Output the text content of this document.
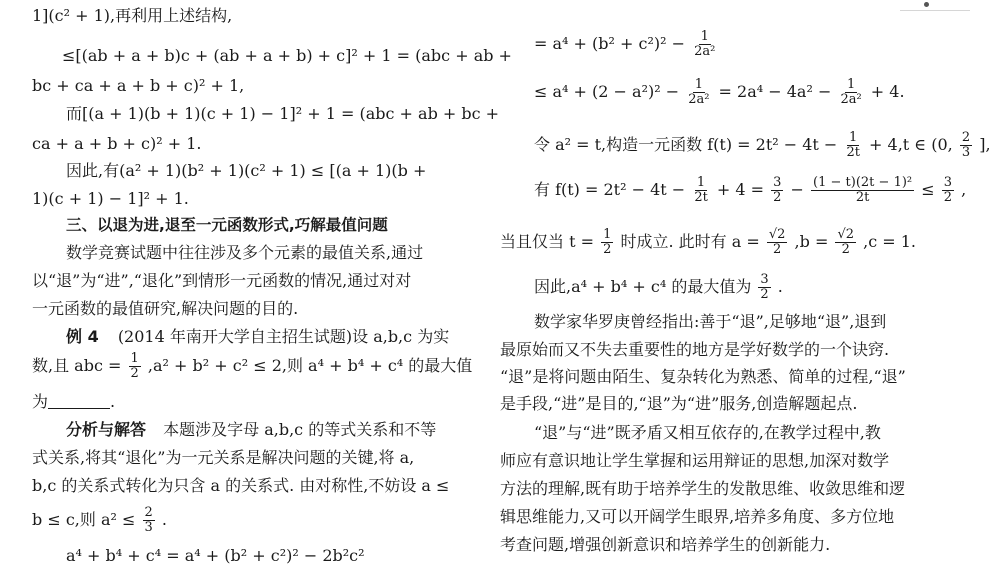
1](c² + 1),再利用上述结构,
≤[(ab + a + b)c + (ab + a + b) + c]² + 1 = (abc + ab +
bc + ca + a + b + c)² + 1,
而[(a + 1)(b + 1)(c + 1) − 1]² + 1 = (abc + ab + bc +
ca + a + b + c)² + 1.
因此,有(a² + 1)(b² + 1)(c² + 1) ≤ [(a + 1)(b +
1)(c + 1) − 1]² + 1.
三、以退为进,退至一元函数形式,巧解最值问题
数学竞赛试题中往往涉及多个元素的最值关系,通过
以“退”为“进”,“退化”到情形一元函数的情况,通过对对
一元函数的最值研究,解决问题的目的.
例 4 (2014 年南开大学自主招生试题)设 a,b,c 为实
数,且 abc = $\frac{1}{2} ,a^2 + b^2 + c^2 \le 2$,则 a⁴ + b⁴ + c⁴ 的最大值
为	.
分析与解答 本题涉及字母 a,b,c 的等式关系和不等
式关系,将其“退化”为一元关系是解决问题的关键,将 a,
b,c 的关系式转化为只含 a 的关系式. 由对称性,不妨设 a ≤
b ≤ c,则 $a^2 \le \frac{2}{3}$ .
a⁴ + b⁴ + c⁴ = a⁴ + (b² + c²)² − 2b²c²
= $a^4 + (b^2 + c^2)^2 - \frac{1}{\text{2a²}}$
≤ $a^4 + (2 - a^2)^2 - \frac{1}{\text{2a²}} = 2a^4 - 4a^2 - \frac{1}{\text{2a²}} + 4$.
令 a² = t,构造一元函数 $f(t) = 2t^2 - 4t - \frac{1}{2t} + 4,t$ ∈ (0, $\frac{2}{3}$ ],
有 $f(t) = 2t^2 - 4t - \frac{1}{2t} + 4 = \frac{3}{2} - \frac{\text{(1 − t)(2t − 1)²}}{2t} \le \frac{3}{2}$ ,
当且仅当 $t = \frac{1}{2}$ 时成立. 此时有 $a = \frac{√2}{2} ,b = \frac{√2}{2} ,c = 1$.
因此,a⁴ + b⁴ + c⁴ 的最大值为 $\frac{3}{2}$ .
数学家华罗庚曾经指出:善于“退”,足够地“退”,退到
最原始而又不失去重要性的地方是学好数学的一个诀窍.
“退”是将问题由陌生、复杂转化为熟悉、简单的过程,“退”
是手段,“进”是目的,“退”为“进”服务,创造解题起点.
“退”与“进”既矛盾又相互依存的,在教学过程中,教
师应有意识地让学生掌握和运用辩证的思想,加深对数学
方法的理解,既有助于培养学生的发散思维、收敛思维和逻
辑思维能力,又可以开阔学生眼界,培养多角度、多方位地
考查问题,增强创新意识和培养学生的创新能力.
